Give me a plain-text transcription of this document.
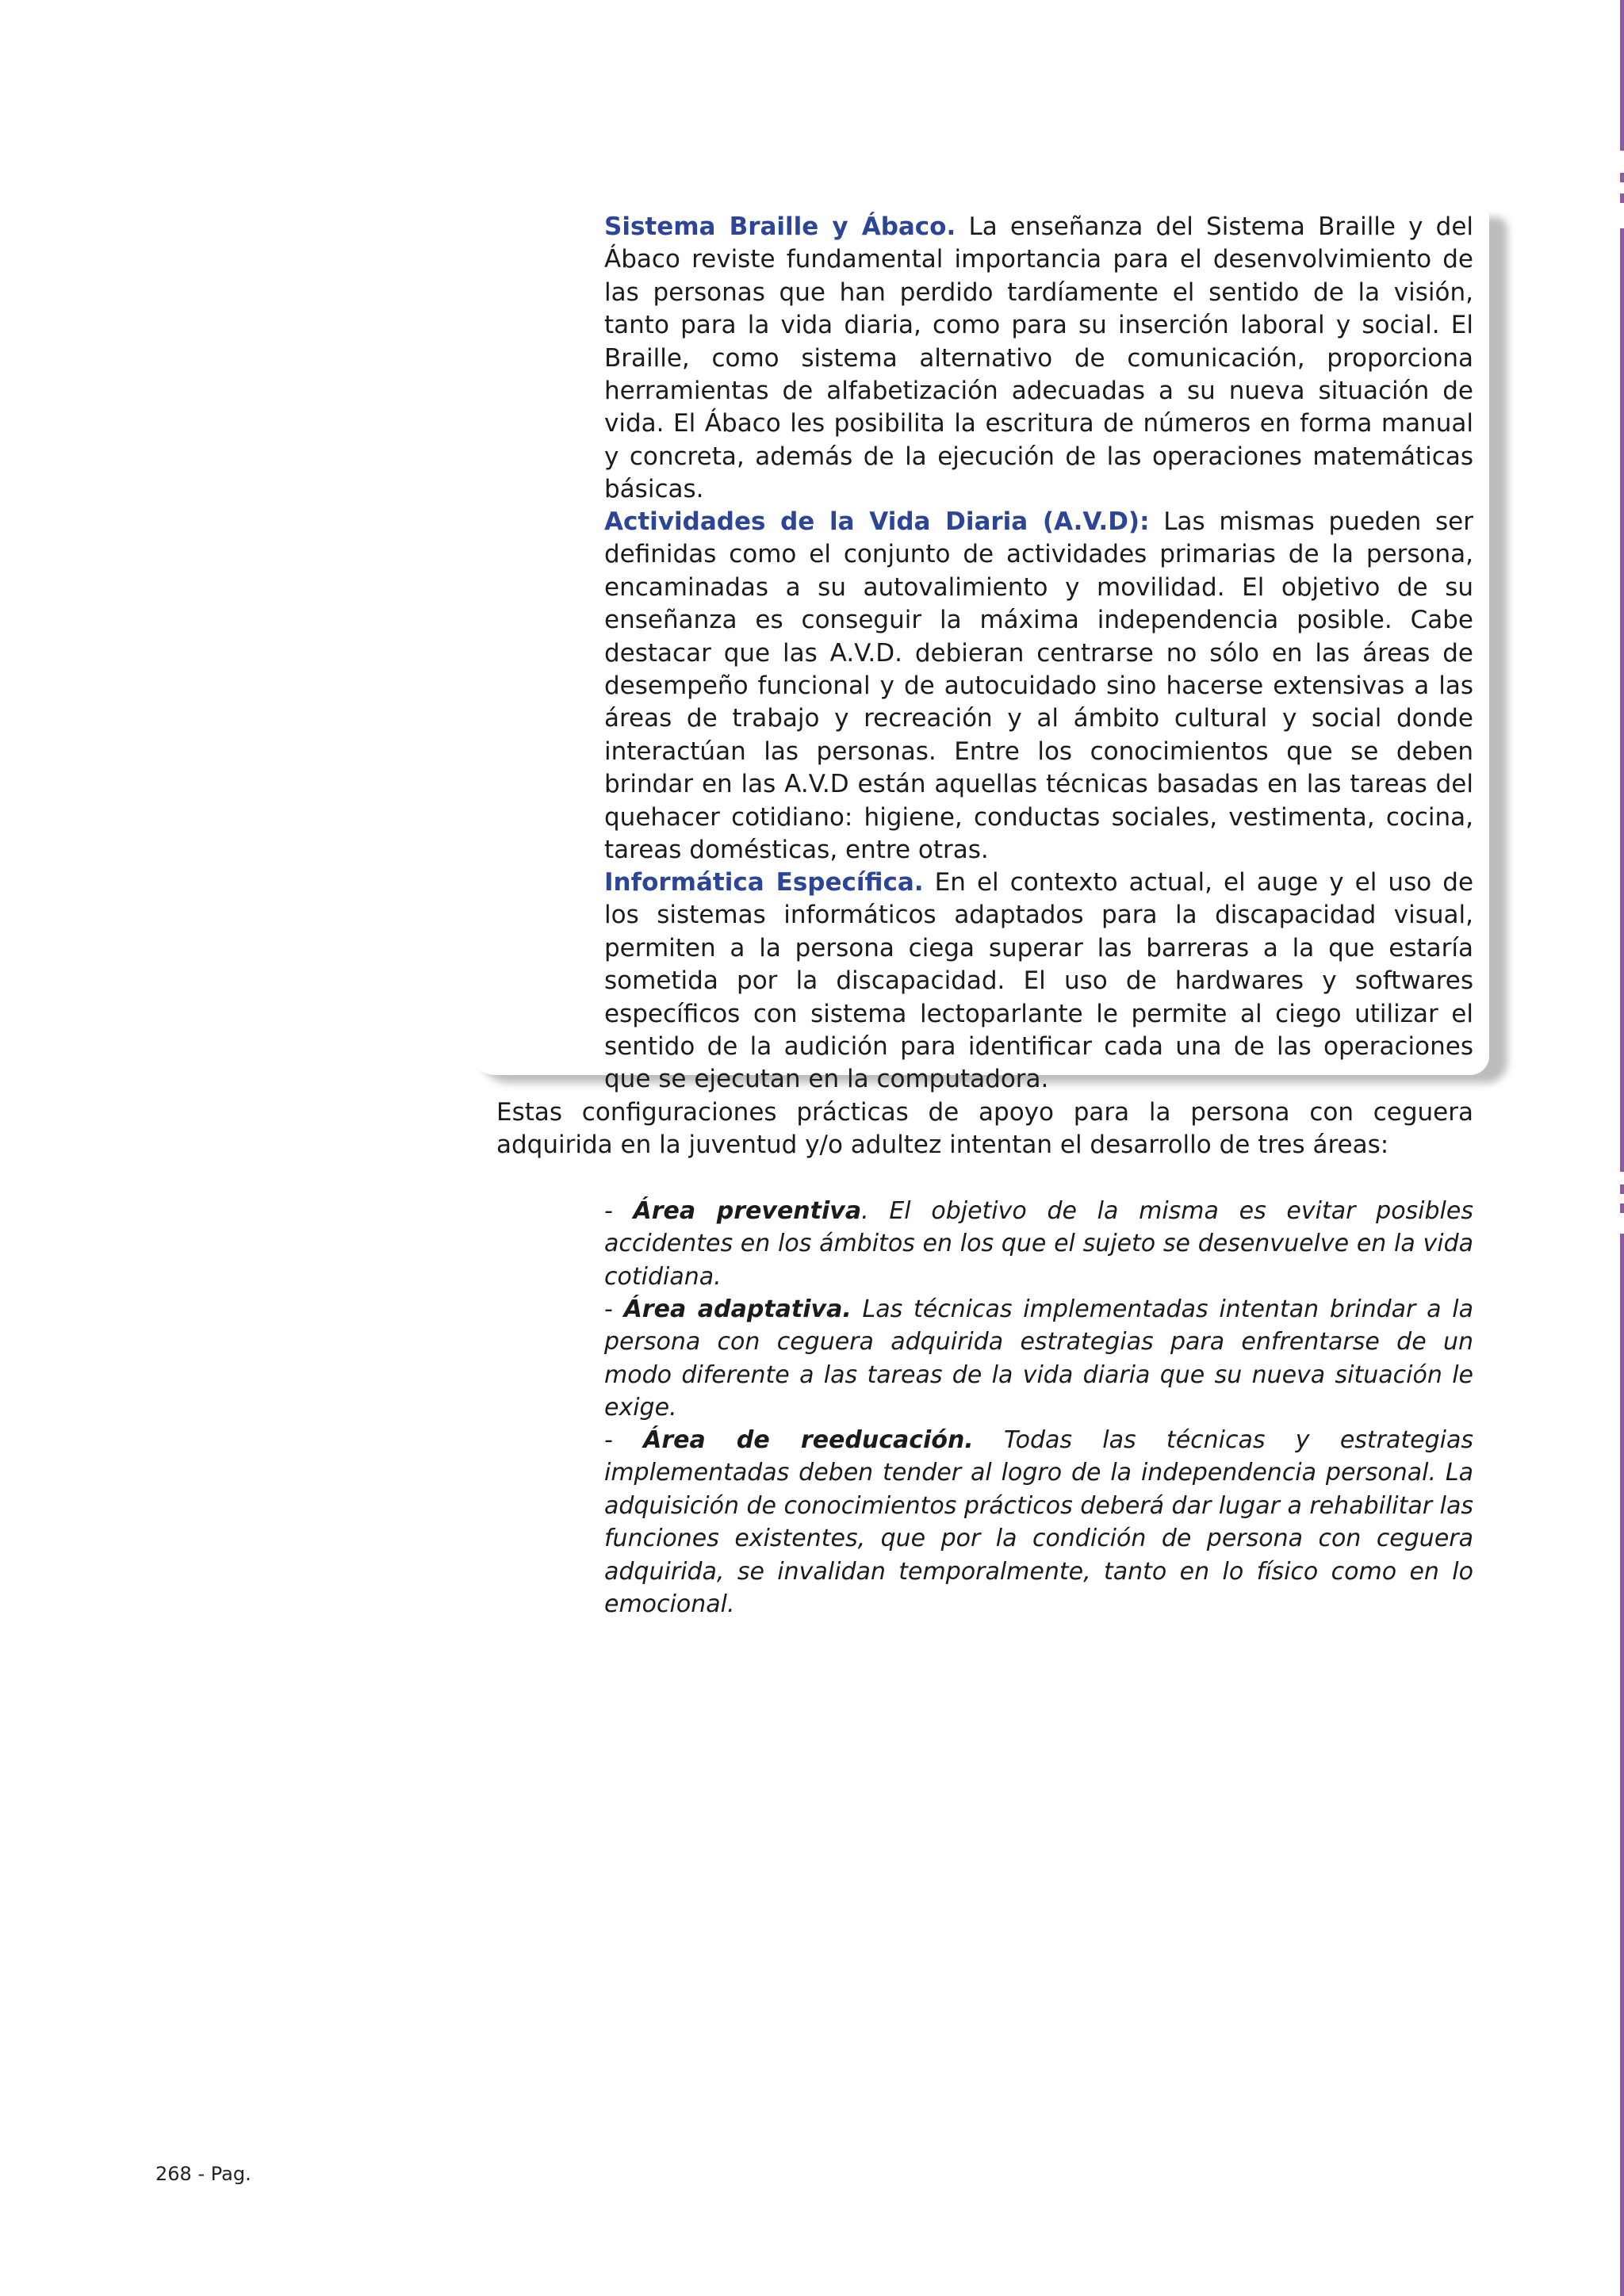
Sistema Braille y Ábaco. La enseñanza del Sistema Braille y del Ábaco reviste fundamental importancia para el desenvolvimiento de las personas que han perdido tardíamente el sentido de la visión, tanto para la vida diaria, como para su inserción laboral y social. El Braille, como sistema alternativo de comunicación, proporciona herramientas de alfabetización adecuadas a su nueva situación de vida. El Ábaco les posibilita la escritura de números en forma manual y concreta, además de la ejecución de las operaciones matemáticas básicas.

Actividades de la Vida Diaria (A.V.D): Las mismas pueden ser definidas como el conjunto de actividades primarias de la persona, encaminadas a su autovalimiento y movilidad. El objetivo de su enseñanza es conseguir la máxima independencia posible. Cabe destacar que las A.V.D. debieran centrarse no sólo en las áreas de desempeño funcional y de autocuidado sino hacerse extensivas a las áreas de trabajo y recreación y al ámbito cultural y social donde interactúan las personas. Entre los conocimientos que se deben brindar en las A.V.D están aquellas técnicas basadas en las tareas del quehacer cotidiano: higiene, conductas sociales, vestimenta, cocina, tareas domésticas, entre otras.

Informática Específica. En el contexto actual, el auge y el uso de los sistemas informáticos adaptados para la discapacidad visual, permiten a la persona ciega superar las barreras a la que estaría sometida por la discapacidad. El uso de hardwares y softwares específicos con sistema lectoparlante le permite al ciego utilizar el sentido de la audición para identificar cada una de las operaciones que se ejecutan en la computadora.

Estas configuraciones prácticas de apoyo para la persona con ceguera adquirida en la juventud y/o adultez intentan el desarrollo de tres áreas:

- Área preventiva. El objetivo de la misma es evitar posibles accidentes en los ámbitos en los que el sujeto se desenvuelve en la vida cotidiana.

- Área adaptativa. Las técnicas implementadas intentan brindar a la persona con ceguera adquirida estrategias para enfrentarse de un modo diferente a las tareas de la vida diaria que su nueva situación le exige.

- Área de reeducación. Todas las técnicas y estrategias implementadas deben tender al logro de la independencia personal. La adquisición de conocimientos prácticos deberá dar lugar a rehabilitar las funciones existentes, que por la condición de persona con ceguera adquirida, se invalidan temporalmente, tanto en lo físico como en lo emocional.

268 - Pag.
